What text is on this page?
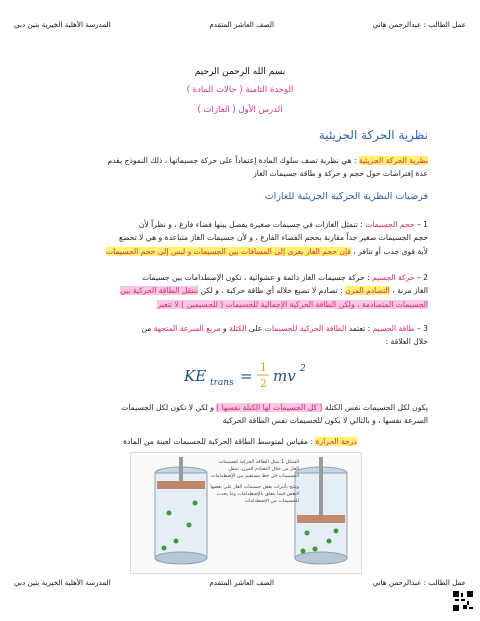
عمل الطالب : عبدالرحمن هاني
الصف العاشر المتقدم
المدرسة الأهلية الخيرية بنين دبي
بسم الله الرحمن الرحيم
الوحدة الثامنة ( حالات المادة )
الدرس الأول ( الغازات )
نظرية الحركة الجزيئية
نظرية الحركة الجزيئية : هي نظرية تصف سلوك المادة إعتماداً على حركة جسيماتها ، ذلك النموذج يقدم
عدة إفتراضات حول حجم و حركة و طاقة جسيمات الغاز
فرضيات النظرية الحركية الجزيئية للغازات
1 – حجم الجسيمات : تتمثل الغازات في جسيمات صغيرة يفصل بينها فضاء فارغ ، و نظراً لأن
حجم الجسيمات صغير جداً مقارنة بحجم الفضاء الفارغ ، و لأن جسيمات الغاز متباعدة و هي لا تخضع
لأية قوى جذب أو تنافر ، فإن حجم الغاز يعزى إلى المسافات بين الجسيمات و ليس إلى حجم الجسيمات
2 – حركة الجسيم : حركة جسيمات الغاز دائمة و عشوائية ، تكون الإصطدامات بين جسيمات
الغاز مرنة ، التصادم المرن : تصادم لا تضيع خلاله أي طاقة حركية ، و لكن تنتقل الطاقة الحركية بين
الجسيمات المتصادمة ، ولكن الطاقة الحركية الإجمالية للجسيمات ( للجسيمين ) لا تتغير
3 – طاقة الجسيم : تعتمد الطاقة الحركية للجسيمات على الكتلة و مربع السرعة المتجهة من
خلال العلاقة :
KE trans = 1
2 mv 2
يكون لكل الجسيمات نفس الكتلة ( كل الجسيمات لها الكتلة نفسها ) و لكن لا تكون لكل الجسيمات
السرعة نفسها ، و بالتالي لا يكون للجسيمات نفس الطاقة الحركية
درجة الحرارة : مقياس لمتوسط الطاقة الحركية للجسيمات لعينة من المادة
الشكل 1 يمثل الطاقة الحركية لجسيمات الغاز من خلال التصادم المرن، تنتقل الجسيمات في خط مستقيم بين الإصطدامات
وتنتج تأثيرات بعض جسيمات الغاز على بعضها البعض فيما يتعلق بالإصطدامات وما يحدث للجسيمات من الإصطدامات
عمل الطالب : عبدالرحمن هاني
الصف العاشر المتقدم
المدرسة الأهلية الخيرية بنين دبي
